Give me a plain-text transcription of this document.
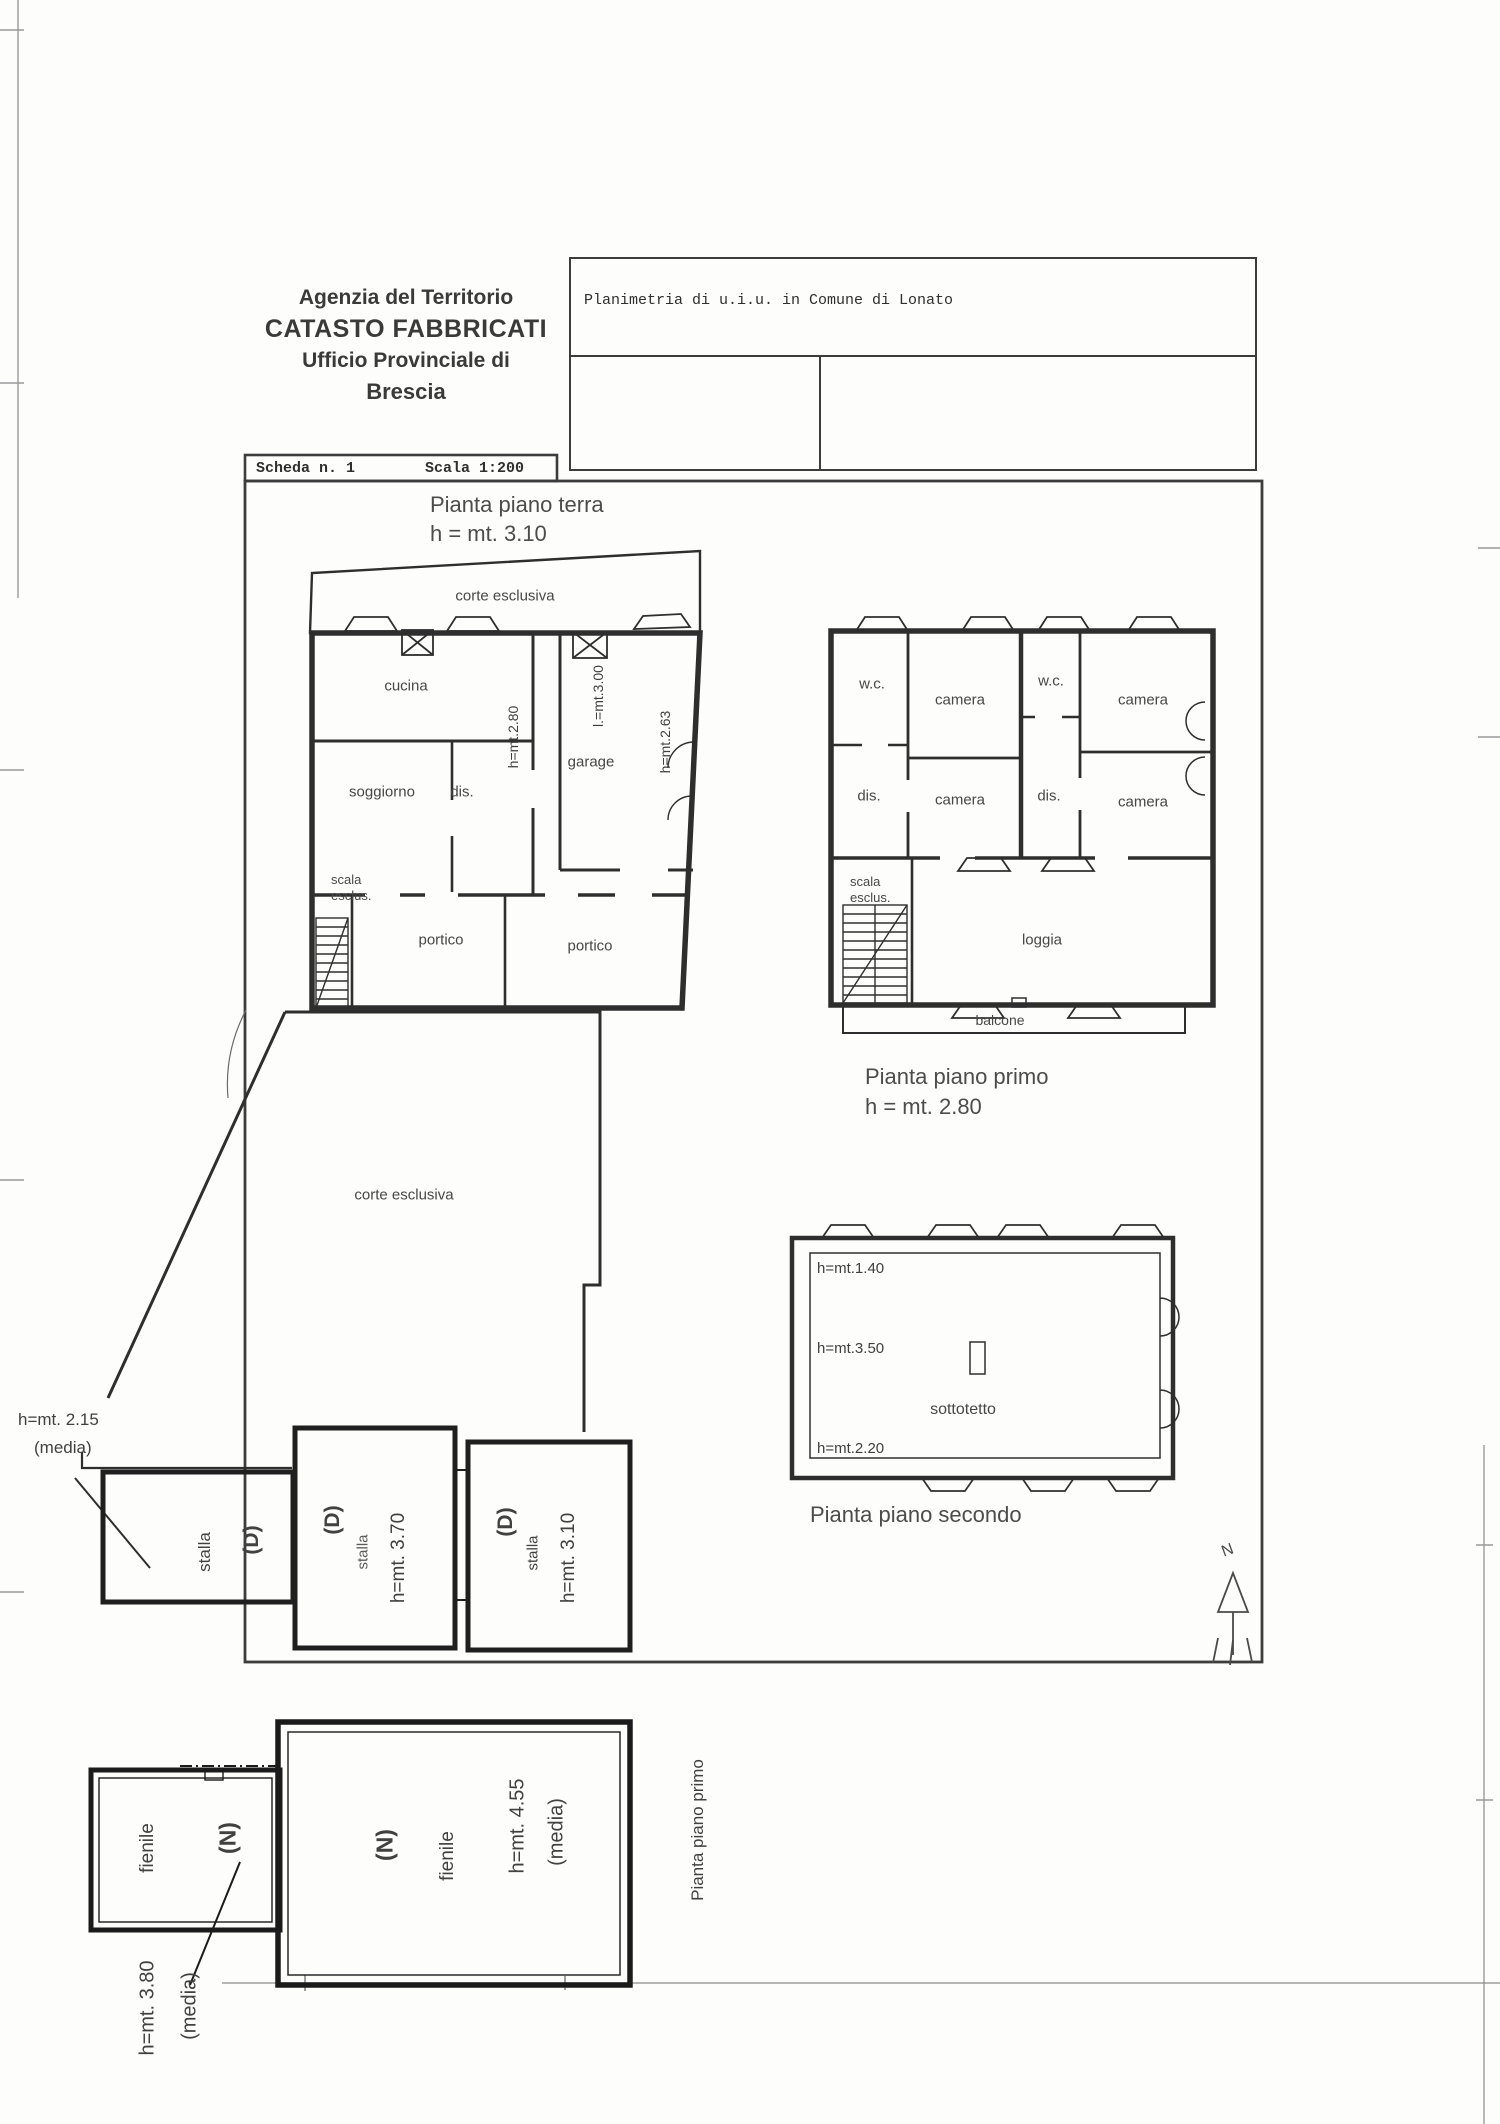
Agenzia del Territorio
CATASTO FABBRICATI
Ufficio Provinciale di
Brescia
Planimetria di u.i.u. in Comune di Lonato
Scheda n. 1	Scala 1:200
Pianta piano terra
h = mt. 3.10
corte esclusiva
cucina
soggiorno dis.
garage
scala
esclus.
portico	portico
h=mt.2.80
l.=mt.3.00
h=mt.2.63
corte esclusiva
w.c.
camera
w.c.
camera
dis.	camera	dis.	camera
scala
esclus.
loggia
balcone
Pianta piano primo
h = mt. 2.80
h=mt.1.40
h=mt.3.50
h=mt.2.20
sottotetto
Pianta piano secondo
h=mt. 2.15
(media)
stalla (D)
(D)
stalla h=mt. 3.70	(D)
stalla h=mt. 3.10
fienile (N)	(N) fienile h=mt. 4.55 (media)
h=mt. 3.80 (media)
Pianta piano primo
N
